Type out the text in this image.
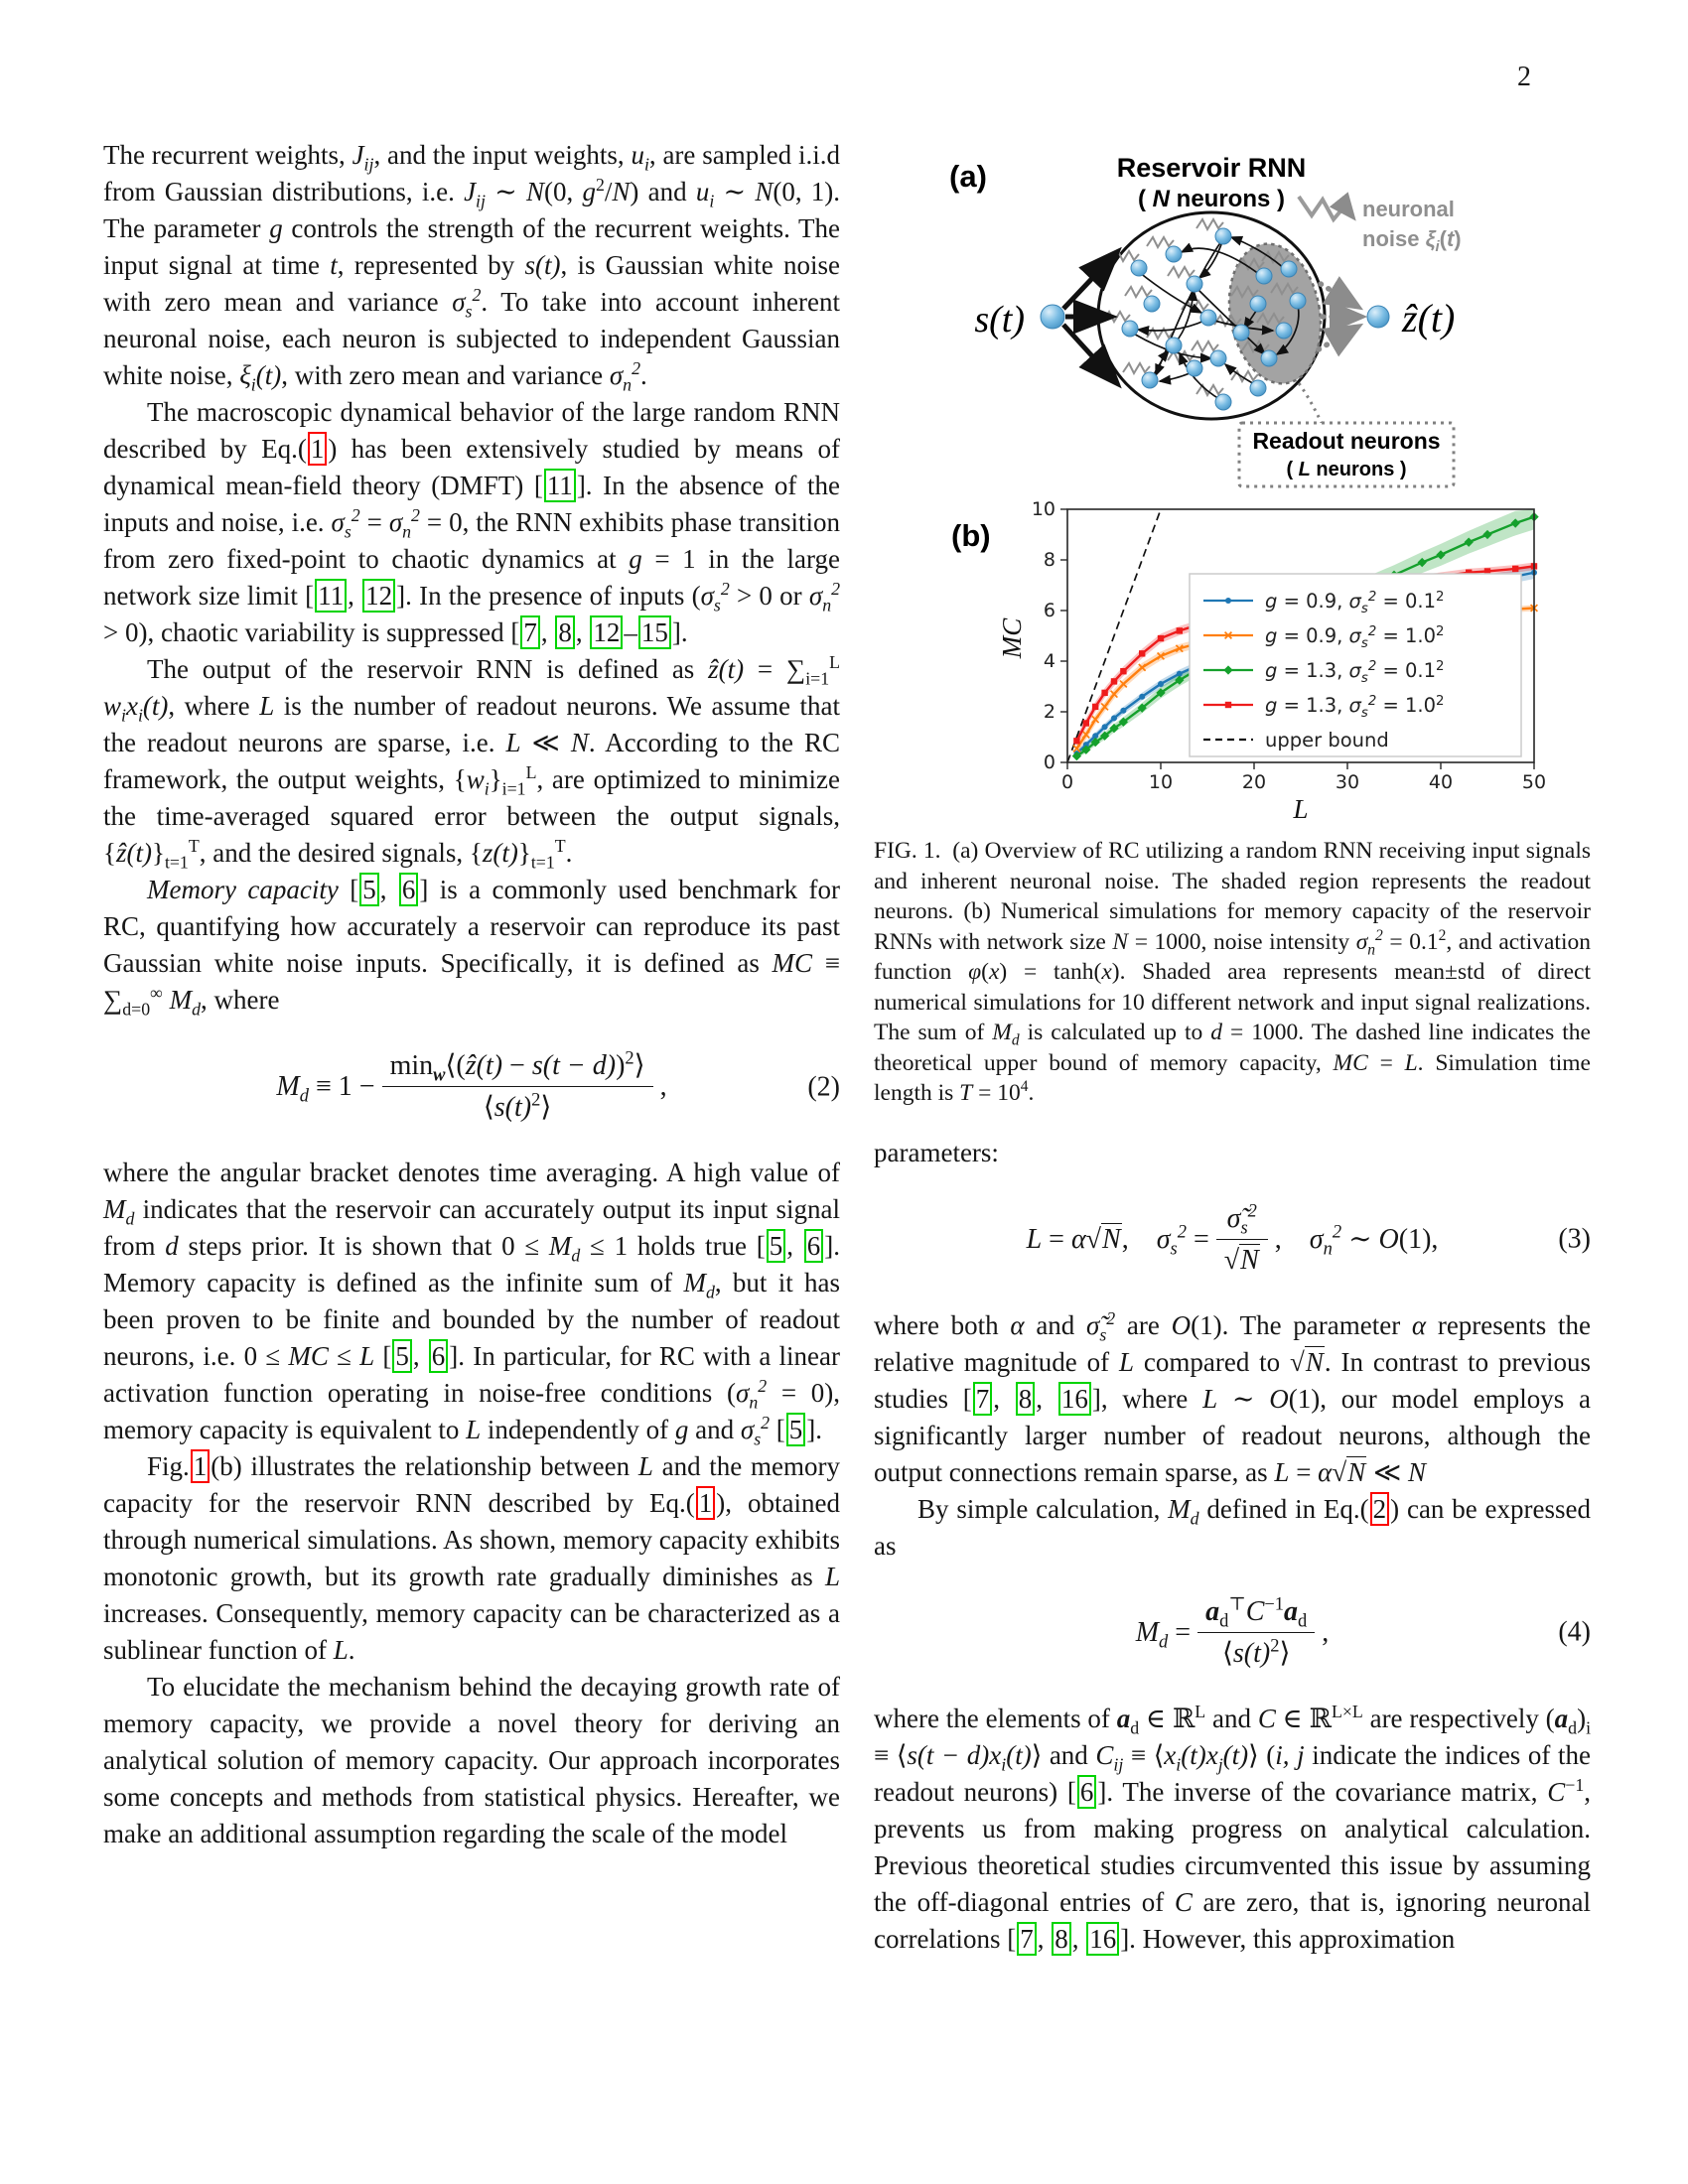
2

The recurrent weights, $J_{ij}$, and the input weights, $u_i$, are sampled i.i.d from Gaussian distributions, i.e. $J_{ij}$ ∼ N(0, $g^2/N$) and $u_i$ ∼ N(0, 1). The parameter g controls the strength of the recurrent weights. The input signal at time t, represented by s(t), is Gaussian white noise with zero mean and variance $\sigma_s^2$. To take into account inherent neuronal noise, each neuron is subjected to independent Gaussian white noise, $\xi_i(t)$, with zero mean and variance $\sigma_n^2$.

The macroscopic dynamical behavior of the large random RNN described by Eq.( 1 ) has been extensively studied by means of dynamical mean-field theory (DMFT) [ 11 ]. In the absence of the inputs and noise, i.e. $\sigma_s^2 = \sigma_n^2 = 0$, the RNN exhibits phase transition from zero fixed-point to chaotic dynamics at g = 1 in the large network size limit [ 11 , 12 ]. In the presence of inputs ($\sigma_s^2 > 0$ or $\sigma_n^2 > 0$), chaotic variability is suppressed [ 7 , 8 , 12 – 15 ].

The output of the reservoir RNN is defined as ẑ(t) = $\sum_{i=1}^L$ $w_ix_i(t)$, where L is the number of readout neurons. We assume that the readout neurons are sparse, i.e. L ≪ N. According to the RC framework, the output weights, $\{w_i\}_{i=1}^L$, are optimized to minimize the time-averaged squared error between the output signals, $\{ẑ(t)\}_{t=1}^T$, and the desired signals, $\{z(t)\}_{t=1}^T$.

Memory capacity [ 5 , 6 ] is a commonly used benchmark for RC, quantifying how accurately a reservoir can reproduce its past Gaussian white noise inputs. Specifically, it is defined as MC ≡ $\sum_{d=0}^\infty$ $M_d$, where

$M_d \equiv 1 - \frac{\min_w⟨(ẑ(t) - s(t - d))^2⟩}{⟨s(t)^2⟩}$ ,	(2)

where the angular bracket denotes time averaging. A high value of $M_d$ indicates that the reservoir can accurately output its input signal from d steps prior. It is shown that $0 \le M_d \le 1$ holds true [ 5 , 6 ]. Memory capacity is defined as the infinite sum of $M_d$, but it has been proven to be finite and bounded by the number of readout neurons, i.e. 0 ≤ MC ≤ L [ 5 , 6 ]. In particular, for RC with a linear activation function operating in noise-free conditions $(\sigma_n^2 = 0)$, memory capacity is equivalent to L independently of g and $\sigma_s^2$ [ 5 ].

Fig. 1 (b) illustrates the relationship between L and the memory capacity for the reservoir RNN described by Eq.( 1 ), obtained through numerical simulations. As shown, memory capacity exhibits monotonic growth, but its growth rate gradually diminishes as L increases. Consequently, memory capacity can be characterized as a sublinear function of L.

To elucidate the mechanism behind the decaying growth rate of memory capacity, we provide a novel theory for deriving an analytical solution of memory capacity. Our approach incorporates some concepts and methods from statistical physics. Hereafter, we make an additional assumption regarding the scale of the model

(a)	Reservoir RNN
( N neurons )	neuronal
noise $\xi_i(t)$
s(t)	ẑ(t)
Readout neurons
( L neurons )
(b)
MC
L
0	10	20	30	40	50
0
2
4
6
8
10
g = 0.9, $\sigma_s^2 = 0.1^2$
g = 0.9, $\sigma_s^2 = 1.0^2$
g = 1.3, $\sigma_s^2 = 0.1^2$
g = 1.3, $\sigma_s^2 = 1.0^2$
upper bound
FIG. 1. (a) Overview of RC utilizing a random RNN receiving input signals and inherent neuronal noise. The shaded region represents the readout neurons. (b) Numerical simulations for memory capacity of the reservoir RNNs with network size N = 1000, noise intensity $\sigma_n^2 = 0.1^2$, and activation function φ(x) = tanh(x). Shaded area represents mean±std of direct numerical simulations for 10 different network and input signal realizations. The sum of $M_d$ is calculated up to d = 1000. The dashed line indicates the theoretical upper bound of memory capacity, MC = L. Simulation time length is $T = 10^4$.

parameters:

L = α√N,  $\sigma_s^2 = \frac{\sigmã_s^2}{√N}$ ,  $\sigma_n^2$ ∼ O(1),	(3)

where both α and $\sigmã_s^2$ are O(1). The parameter α represents the relative magnitude of L compared to √N. In contrast to previous studies [ 7 , 8 , 16 ], where L ∼ O(1), our model employs a significantly larger number of readout neurons, although the output connections remain sparse, as L = α√N ≪ N

By simple calculation, $M_d$ defined in Eq.( 2 ) can be expressed as

$M_d = \frac{a_d^⊤C^{-1}a_d}{⟨s(t)^2⟩}$ ,	(4)

where the elements of $a_d$ ∈ ℝ$^L$ and C ∈ ℝ$^{L\times L}$ are respectively $(a_d)_i$ ≡ ⟨s(t − $d)x_i(t)⟩$ and $C_{ij}$ ≡ $⟨x_i(t)x_j(t)⟩$ (i, j indicate the indices of the readout neurons) [ 6 ]. The inverse of the covariance matrix, $C^{-1}$, prevents us from making progress on analytical calculation. Previous theoretical studies circumvented this issue by assuming the off-diagonal entries of C are zero, that is, ignoring neuronal correlations [ 7 , 8 , 16 ]. However, this approximation
